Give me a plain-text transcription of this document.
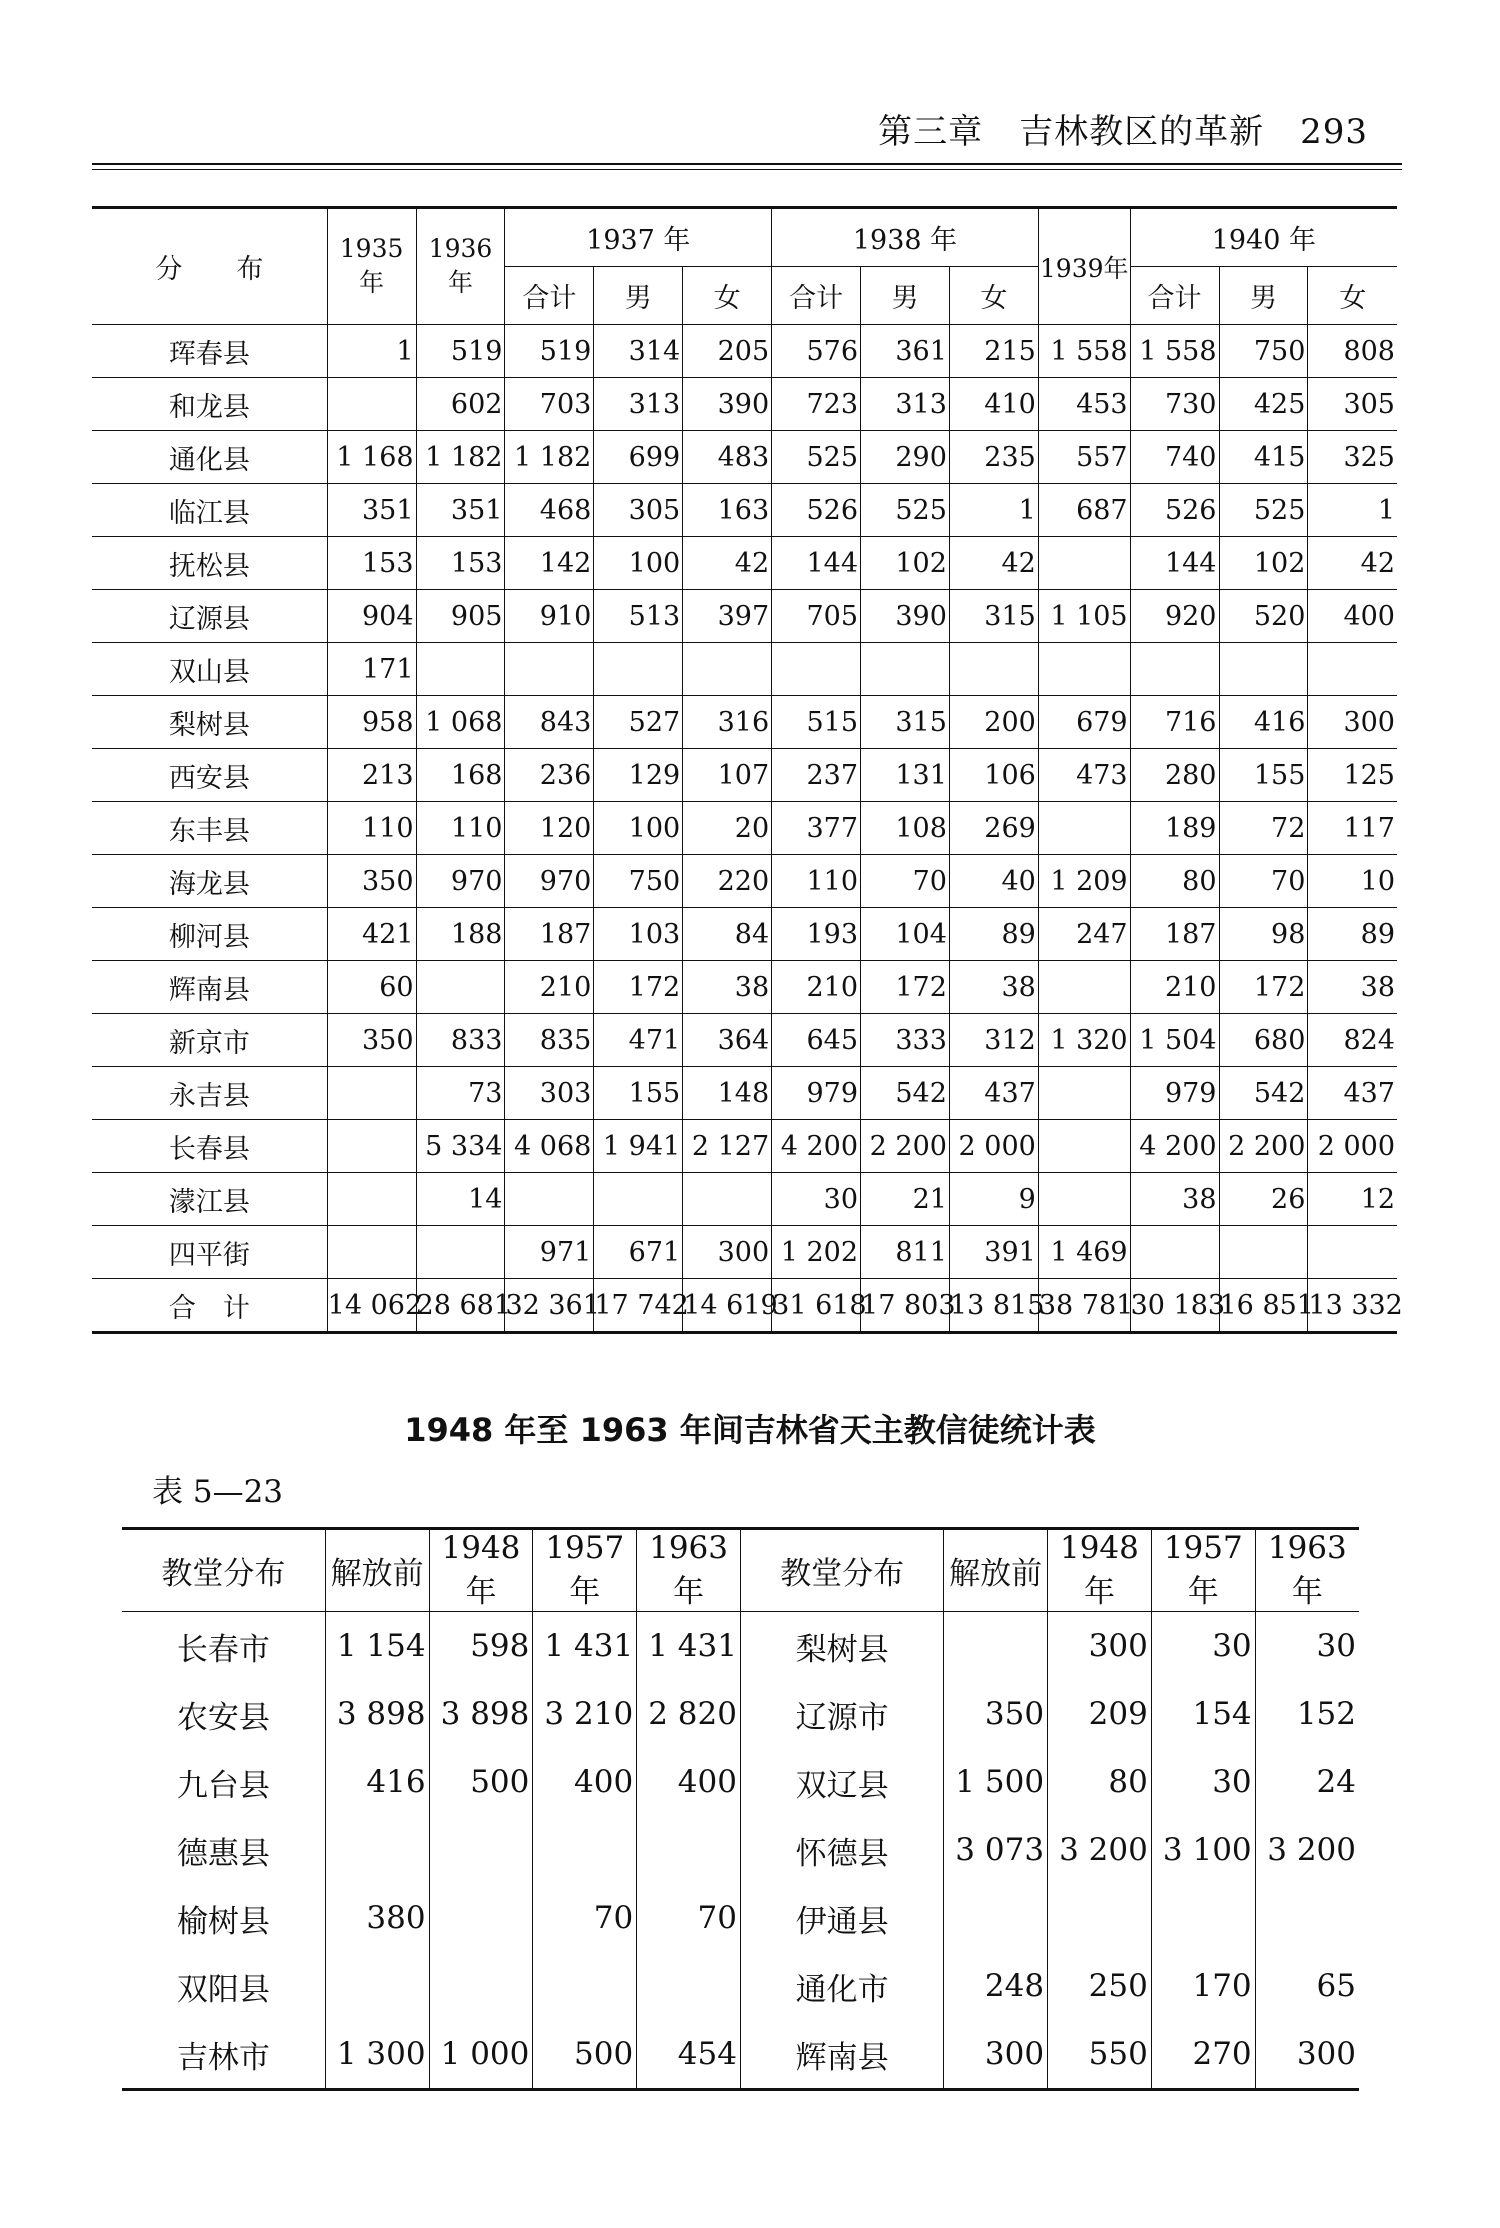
第三章 吉林教区的革新 293
分　　布	1935年	1936年	1937 年			1938 年			1939年	1940 年		
			合计	男	女	合计	男	女		合计	男	女
珲春县	1	519	519	314	205	576	361	215	1 558	1 558	750	808
和龙县		602	703	313	390	723	313	410	453	730	425	305
通化县	1 168	1 182	1 182	699	483	525	290	235	557	740	415	325
临江县	351	351	468	305	163	526	525	1	687	526	525	1
抚松县	153	153	142	100	42	144	102	42		144	102	42
辽源县	904	905	910	513	397	705	390	315	1 105	920	520	400
双山县	171											
梨树县	958	1 068	843	527	316	515	315	200	679	716	416	300
西安县	213	168	236	129	107	237	131	106	473	280	155	125
东丰县	110	110	120	100	20	377	108	269		189	72	117
海龙县	350	970	970	750	220	110	70	40	1 209	80	70	10
柳河县	421	188	187	103	84	193	104	89	247	187	98	89
辉南县	60		210	172	38	210	172	38		210	172	38
新京市	350	833	835	471	364	645	333	312	1 320	1 504	680	824
永吉县		73	303	155	148	979	542	437		979	542	437
长春县		5 334	4 068	1 941	2 127	4 200	2 200	2 000		4 200	2 200	2 000
濛江县		14				30	21	9		38	26	12
四平街			971	671	300	1 202	811	391	1 469			
合　计	14 062	28 681	32 361	17 742	14 619	31 618	17 803	13 815	38 781	30 183	16 851	13 332
1948 年至 1963 年间吉林省天主教信徒统计表
表 5—23
教堂分布	解放前	1948年	1957年	1963年	教堂分布	解放前	1948年	1957年	1963年
长春市	1 154	598	1 431	1 431	梨树县		300	30	30
农安县	3 898	3 898	3 210	2 820	辽源市	350	209	154	152
九台县	416	500	400	400	双辽县	1 500	80	30	24
德惠县					怀德县	3 073	3 200	3 100	3 200
榆树县	380		70	70	伊通县				
双阳县					通化市	248	250	170	65
吉林市	1 300	1 000	500	454	辉南县	300	550	270	300
